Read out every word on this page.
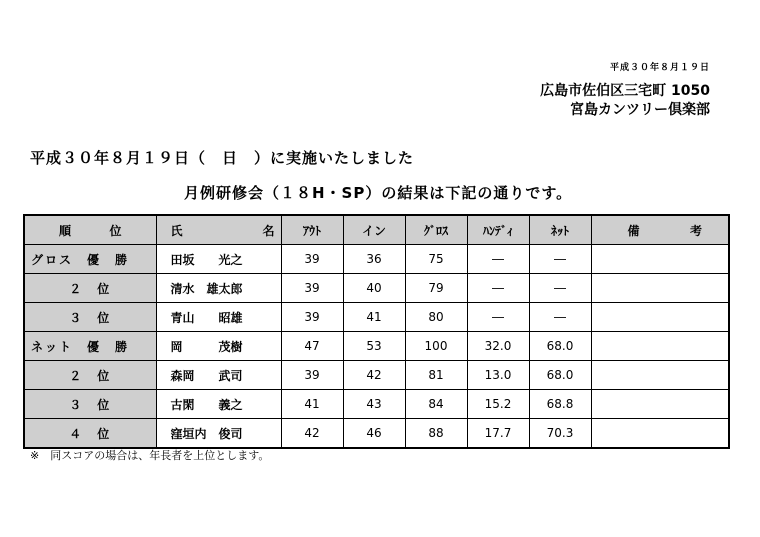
平成３０年８月１９日
広島市佐伯区三宅町 1050
宮島カンツリー倶楽部
平成３０年８月１９日（　日　）に実施いたしました
月例研修会（１８H・SP）の結果は下記の通りです。
順 位	氏 名	ｱｳﾄ	イン	ｸﾞﾛｽ	ﾊﾝﾃﾞｨ	ﾈｯﾄ	備 考

グロス　優　勝	田坂　　光之	39	36	75	―	―	
２　位	清水　雄太郎	39	40	79	―	―	
３　位	青山　　昭雄	39	41	80	―	―	
ネット　優　勝	岡　　　茂樹	47	53	100	32.0	68.0	
２　位	森岡　　武司	39	42	81	13.0	68.0	
３　位	古閑　　義之	41	43	84	15.2	68.8	
４　位	窪垣内　俊司	42	46	88	17.7	70.3	
※　同スコアの場合は、年長者を上位とします。
